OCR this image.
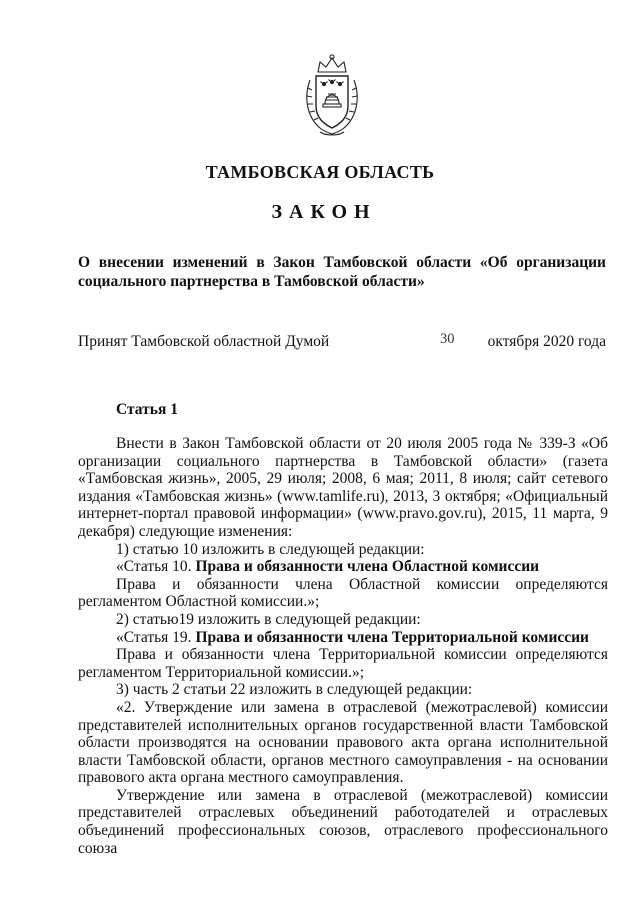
ТАМБОВСКАЯ ОБЛАСТЬ
ЗАКОН
О внесении изменений в Закон Тамбовской области «Об организации социального партнерства в Тамбовской области»
Принят Тамбовской областной Думой	30 октября 2020 года
Статья 1

Внести в Закон Тамбовской области от 20 июля 2005 года № 339-З «Об организации социального партнерства в Тамбовской области» (газета «Тамбовская жизнь», 2005, 29 июля; 2008, 6 мая; 2011, 8 июля; сайт сетевого издания «Тамбовская жизнь» (www.tamlife.ru), 2013, 3 октября; «Официальный интернет-портал правовой информации» (www.pravo.gov.ru), 2015, 11 марта, 9 декабря) следующие изменения:

1) статью 10 изложить в следующей редакции:

«Статья 10. Права и обязанности члена Областной комиссии

Права и обязанности члена Областной комиссии определяются регламентом Областной комиссии.»;

2) статью19 изложить в следующей редакции:

«Статья 19. Права и обязанности члена Территориальной комиссии

Права и обязанности члена Территориальной комиссии определяются регламентом Территориальной комиссии.»;

3) часть 2 статьи 22 изложить в следующей редакции:

«2. Утверждение или замена в отраслевой (межотраслевой) комиссии представителей исполнительных органов государственной власти Тамбовской области производятся на основании правового акта органа исполнительной власти Тамбовской области, органов местного самоуправления - на основании правового акта органа местного самоуправления.

Утверждение или замена в отраслевой (межотраслевой) комиссии представителей отраслевых объединений работодателей и отраслевых объединений профессиональных союзов, отраслевого профессионального союза
